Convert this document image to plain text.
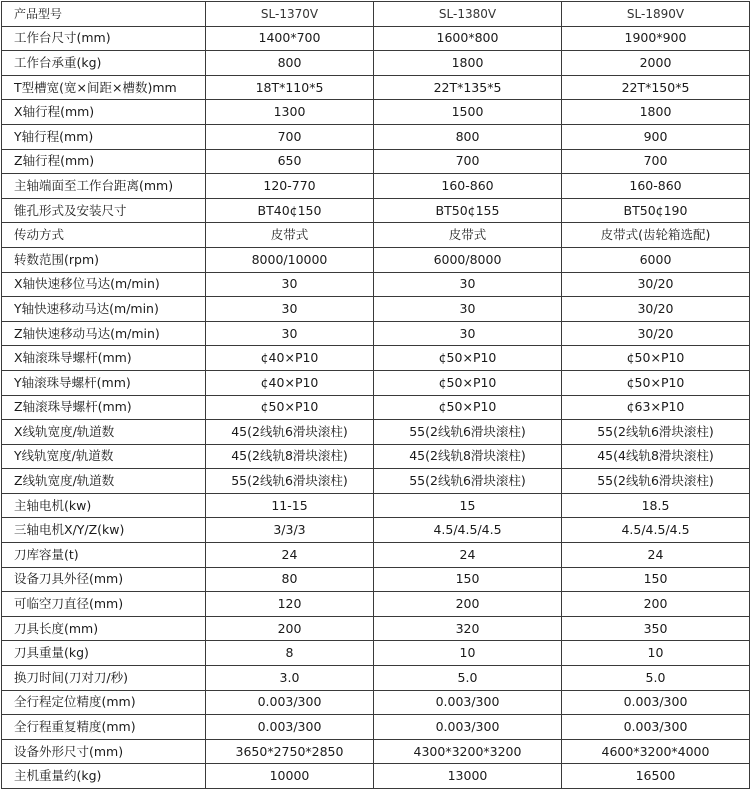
产品型号	SL-1370V	SL-1380V	SL-1890V
工作台尺寸(mm)	1400*700	1600*800	1900*900
工作台承重(kg)	800	1800	2000
T型槽宽(宽×间距×槽数)mm	18T*110*5	22T*135*5	22T*150*5
X轴行程(mm)	1300	1500	1800
Y轴行程(mm)	700	800	900
Z轴行程(mm)	650	700	700
主轴端面至工作台距离(mm)	120-770	160-860	160-860
锥孔形式及安装尺寸	BT40¢150	BT50¢155	BT50¢190
传动方式	皮带式	皮带式	皮带式(齿轮箱选配)
转数范围(rpm)	8000/10000	6000/8000	6000
X轴快速移位马达(m/min)	30	30	30/20
Y轴快速移动马达(m/min)	30	30	30/20
Z轴快速移动马达(m/min)	30	30	30/20
X轴滚珠导螺杆(mm)	¢40×P10	¢50×P10	¢50×P10
Y轴滚珠导螺杆(mm)	¢40×P10	¢50×P10	¢50×P10
Z轴滚珠导螺杆(mm)	¢50×P10	¢50×P10	¢63×P10
X线轨宽度/轨道数	45(2线轨6滑块滚柱)	55(2线轨6滑块滚柱)	55(2线轨6滑块滚柱)
Y线轨宽度/轨道数	45(2线轨8滑块滚柱)	45(2线轨8滑块滚柱)	45(4线轨8滑块滚柱)
Z线轨宽度/轨道数	55(2线轨6滑块滚柱)	55(2线轨6滑块滚柱)	55(2线轨6滑块滚柱)
主轴电机(kw)	11-15	15	18.5
三轴电机X/Y/Z(kw)	3/3/3	4.5/4.5/4.5	4.5/4.5/4.5
刀库容量(t)	24	24	24
设备刀具外径(mm)	80	150	150
可临空刀直径(mm)	120	200	200
刀具长度(mm)	200	320	350
刀具重量(kg)	8	10	10
换刀时间(刀对刀/秒)	3.0	5.0	5.0
全行程定位精度(mm)	0.003/300	0.003/300	0.003/300
全行程重复精度(mm)	0.003/300	0.003/300	0.003/300
设备外形尺寸(mm)	3650*2750*2850	4300*3200*3200	4600*3200*4000
主机重量约(kg)	10000	13000	16500
